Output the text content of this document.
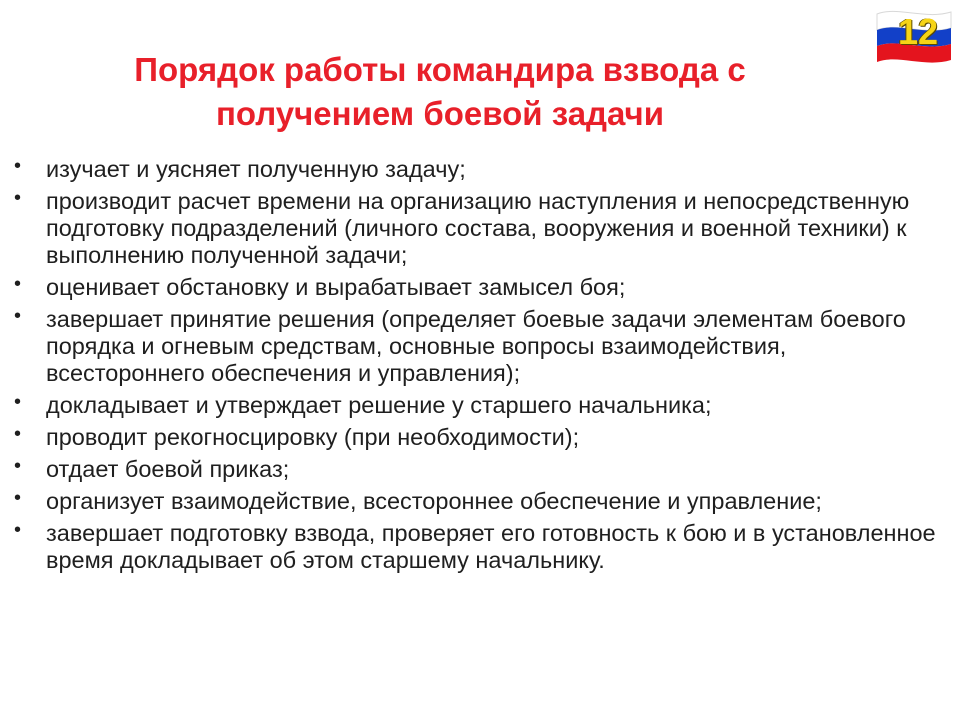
Порядок работы командира взвода с
получением боевой задачи
12
• изучает и уясняет полученную задачу;
• производит расчет времени на организацию наступления и непосредственную подготовку подразделений (личного состава, вооружения и военной техники) к выполнению полученной задачи;
• оценивает обстановку и вырабатывает замысел боя;
• завершает принятие решения (определяет боевые задачи элементам боевого порядка и огневым средствам, основные вопросы взаимодействия, всестороннего обеспечения и управления);
• докладывает и утверждает решение у старшего начальника;
• проводит рекогносцировку (при необходимости);
• отдает боевой приказ;
• организует взаимодействие, всестороннее обеспечение и управление;
• завершает подготовку взвода, проверяет его готовность к бою и в установленное время докладывает об этом старшему начальнику.
